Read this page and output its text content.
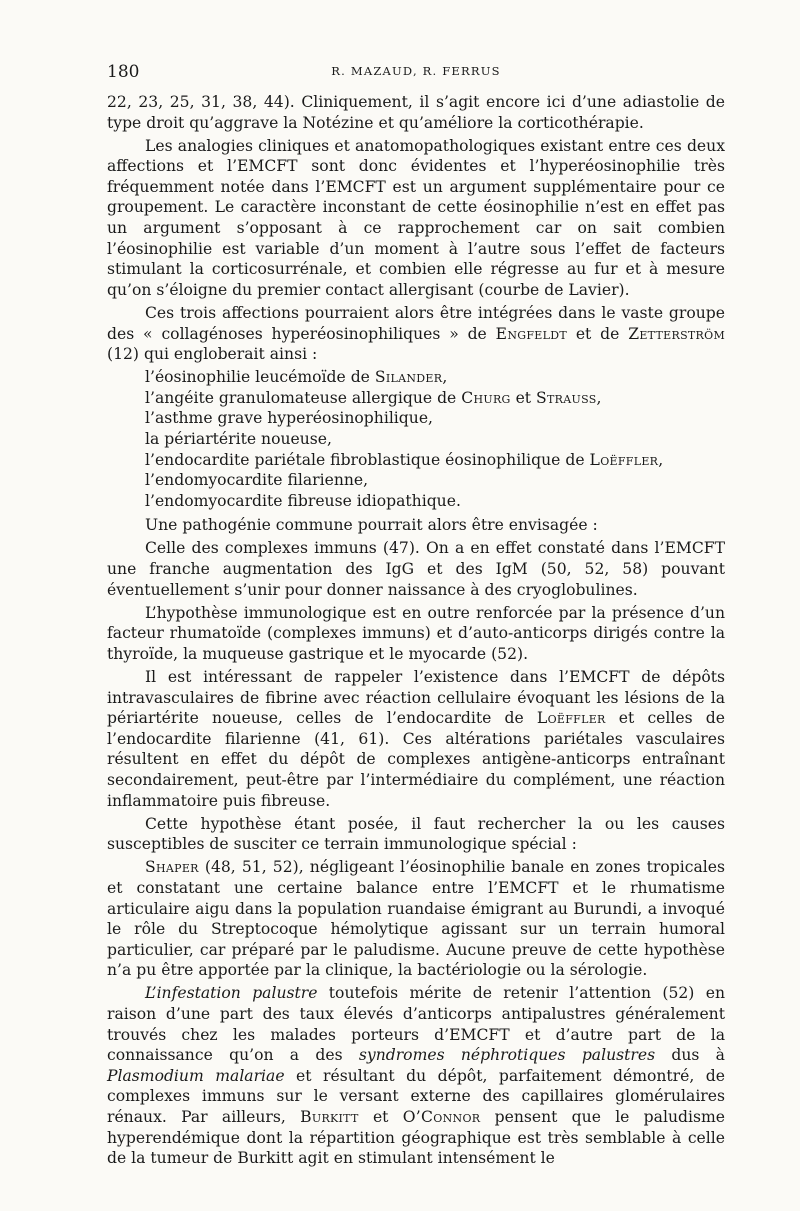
180	R. MAZAUD, R. FERRUS

22, 23, 25, 31, 38, 44). Cliniquement, il s’agit encore ici d’une adiastolie de type droit qu’aggrave la Notézine et qu’améliore la corticothérapie.

Les analogies cliniques et anatomopathologiques existant entre ces deux affections et l’EMCFT sont donc évidentes et l’hyperéosinophilie très fréquemment notée dans l’EMCFT est un argument supplémentaire pour ce groupement. Le caractère inconstant de cette éosinophilie n’est en effet pas un argument s’opposant à ce rapprochement car on sait combien l’éosinophilie est variable d’un moment à l’autre sous l’effet de facteurs stimulant la corticosurrénale, et combien elle régresse au fur et à mesure qu’on s’éloigne du premier contact allergisant (courbe de Lavier).

Ces trois affections pourraient alors être intégrées dans le vaste groupe des « collagénoses hyperéosinophiliques » de Engfeldt et de Zetterström (12) qui engloberait ainsi :

l’éosinophilie leucémoïde de Silander,
l’angéite granulomateuse allergique de Churg et Strauss,
l’asthme grave hyperéosinophilique,
la périartérite noueuse,
l’endocardite pariétale fibroblastique éosinophilique de Loëffler,
l’endomyocardite filarienne,
l’endomyocardite fibreuse idiopathique.

Une pathogénie commune pourrait alors être envisagée :

Celle des complexes immuns (47). On a en effet constaté dans l’EMCFT une franche augmentation des IgG et des IgM (50, 52, 58) pouvant éventuellement s’unir pour donner naissance à des cryoglobulines.

L’hypothèse immunologique est en outre renforcée par la présence d’un facteur rhumatoïde (complexes immuns) et d’auto-anticorps dirigés contre la thyroïde, la muqueuse gastrique et le myocarde (52).

Il est intéressant de rappeler l’existence dans l’EMCFT de dépôts intravasculaires de fibrine avec réaction cellulaire évoquant les lésions de la périartérite noueuse, celles de l’endocardite de Loëffler et celles de l’endocardite filarienne (41, 61). Ces altérations pariétales vasculaires résultent en effet du dépôt de complexes antigène-anticorps entraînant secondairement, peut-être par l’intermédiaire du complément, une réaction inflammatoire puis fibreuse.

Cette hypothèse étant posée, il faut rechercher la ou les causes susceptibles de susciter ce terrain immunologique spécial :

Shaper (48, 51, 52), négligeant l’éosinophilie banale en zones tropicales et constatant une certaine balance entre l’EMCFT et le rhumatisme articulaire aigu dans la population ruandaise émigrant au Burundi, a invoqué le rôle du Streptocoque hémolytique agissant sur un terrain humoral particulier, car préparé par le paludisme. Aucune preuve de cette hypothèse n’a pu être apportée par la clinique, la bactériologie ou la sérologie.

L’infestation palustre toutefois mérite de retenir l’attention (52) en raison d’une part des taux élevés d’anticorps antipalustres généralement trouvés chez les malades porteurs d’EMCFT et d’autre part de la connaissance qu’on a des syndromes néphrotiques palustres dus à Plasmodium malariae et résultant du dépôt, parfaitement démontré, de complexes immuns sur le versant externe des capillaires glomérulaires rénaux. Par ailleurs, Burkitt et O’Connor pensent que le paludisme hyperendémique dont la répartition géographique est très semblable à celle de la tumeur de Burkitt agit en stimulant intensément le
